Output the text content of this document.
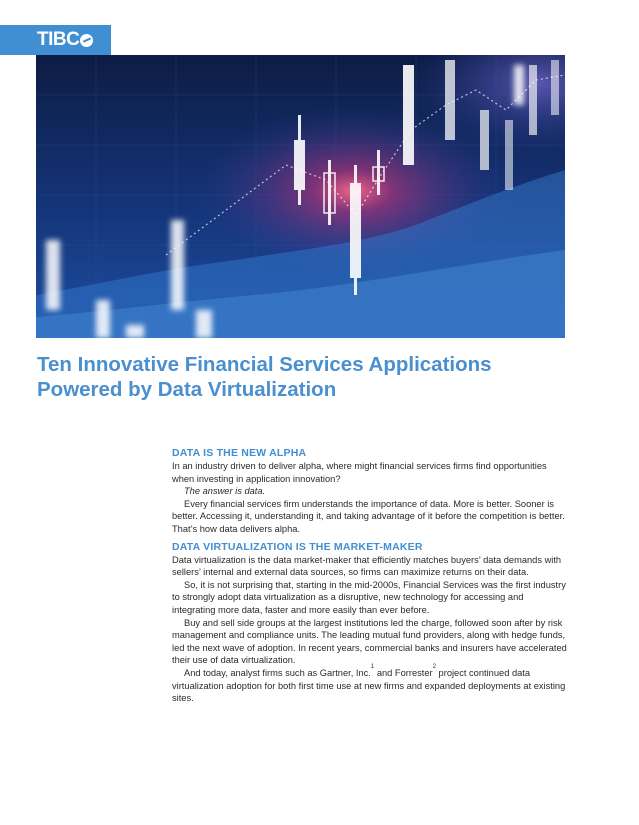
TIBC
Ten Innovative Financial Services Applications
Powered by Data Virtualization
DATA IS THE NEW ALPHA

In an industry driven to deliver alpha, where might financial services firms find opportunities when investing in application innovation?

The answer is data.

Every financial services firm understands the importance of data. More is better. Sooner is better. Accessing it, understanding it, and taking advantage of it before the competition is better. That’s how data delivers alpha.

DATA VIRTUALIZATION IS THE MARKET-MAKER

Data virtualization is the data market-maker that efficiently matches buyers’ data demands with sellers’ internal and external data sources, so firms can maximize returns on their data.

So, it is not surprising that, starting in the mid-2000s, Financial Services was the first industry to strongly adopt data virtualization as a disruptive, new technology for accessing and integrating more data, faster and more easily than ever before.

Buy and sell side groups at the largest institutions led the charge, followed soon after by risk management and compliance units. The leading mutual fund providers, along with hedge funds, led the next wave of adoption. In recent years, commercial banks and insurers have accelerated their use of data virtualization.

And today, analyst firms such as Gartner, Inc.$^1$ and Forrester$^2$ project continued data virtualization adoption for both first time use at new firms and expanded deployments at existing sites.
